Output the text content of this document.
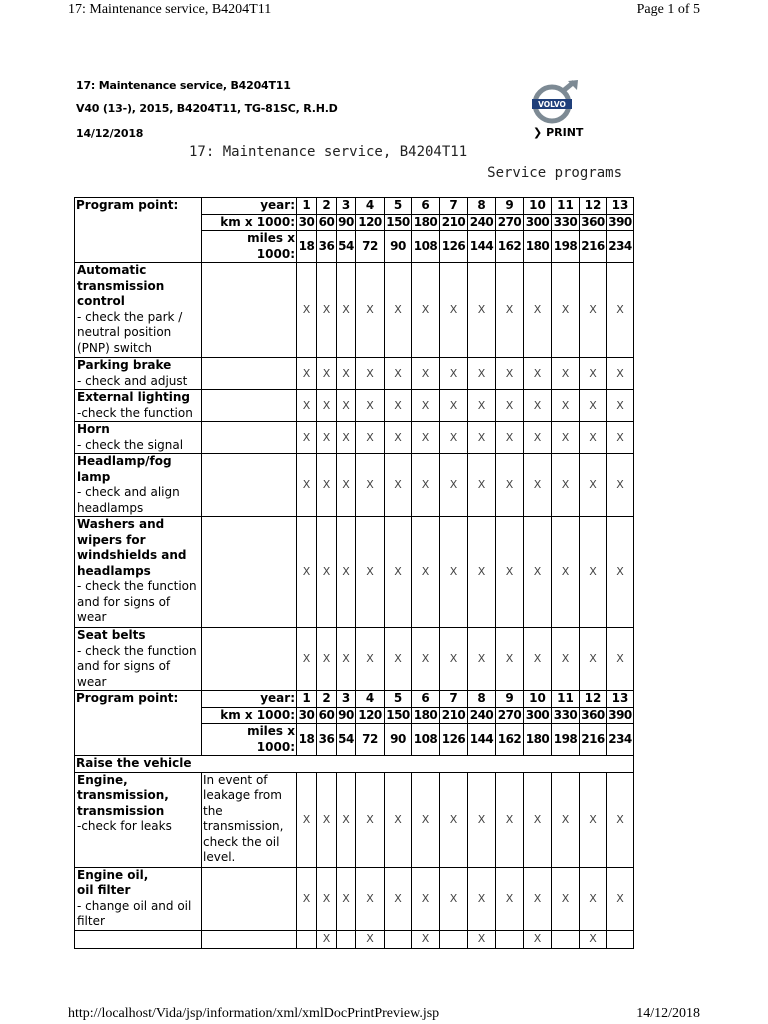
17: Maintenance service, B4204T11	Page 1 of 5
17: Maintenance service, B4204T11
V40 (13-), 2015, B4204T11, TG-81SC, R.H.D
14/12/2018
VOLVO
❯ PRINT
17: Maintenance service, B4204T11
Service programs
Program point:	year:	1	2	3	4	5	6	7	8	9	10	11	12	13
	km x 1000:	30	60	90	120	150	180	210	240	270	300	330	360	390
	miles x
1000:	18	36	54	72	90	108	126	144	162	180	198	216	234
Automatic transmission control
- check the park / neutral position (PNP) switch		X	X	X	X	X	X	X	X	X	X	X	X	X
Parking brake
- check and adjust		X	X	X	X	X	X	X	X	X	X	X	X	X
External lighting
-check the function		X	X	X	X	X	X	X	X	X	X	X	X	X
Horn
- check the signal		X	X	X	X	X	X	X	X	X	X	X	X	X
Headlamp/fog lamp
- check and align headlamps		X	X	X	X	X	X	X	X	X	X	X	X	X
Washers and wipers for windshields and headlamps
- check the function and for signs of wear		X	X	X	X	X	X	X	X	X	X	X	X	X
Seat belts
- check the function and for signs of wear		X	X	X	X	X	X	X	X	X	X	X	X	X
Program point:	year:	1	2	3	4	5	6	7	8	9	10	11	12	13
	km x 1000:	30	60	90	120	150	180	210	240	270	300	330	360	390
	miles x
1000:	18	36	54	72	90	108	126	144	162	180	198	216	234
Raise the vehicle														
Engine,
transmission,
transmission
-check for leaks	In event of leakage from the transmission, check the oil level.	X	X	X	X	X	X	X	X	X	X	X	X	X
Engine oil,
oil filter
- change oil and oil filter		X	X	X	X	X	X	X	X	X	X	X	X	X
			X		X		X		X		X		X	
http://localhost/Vida/jsp/information/xml/xmlDocPrintPreview.jsp	14/12/2018
